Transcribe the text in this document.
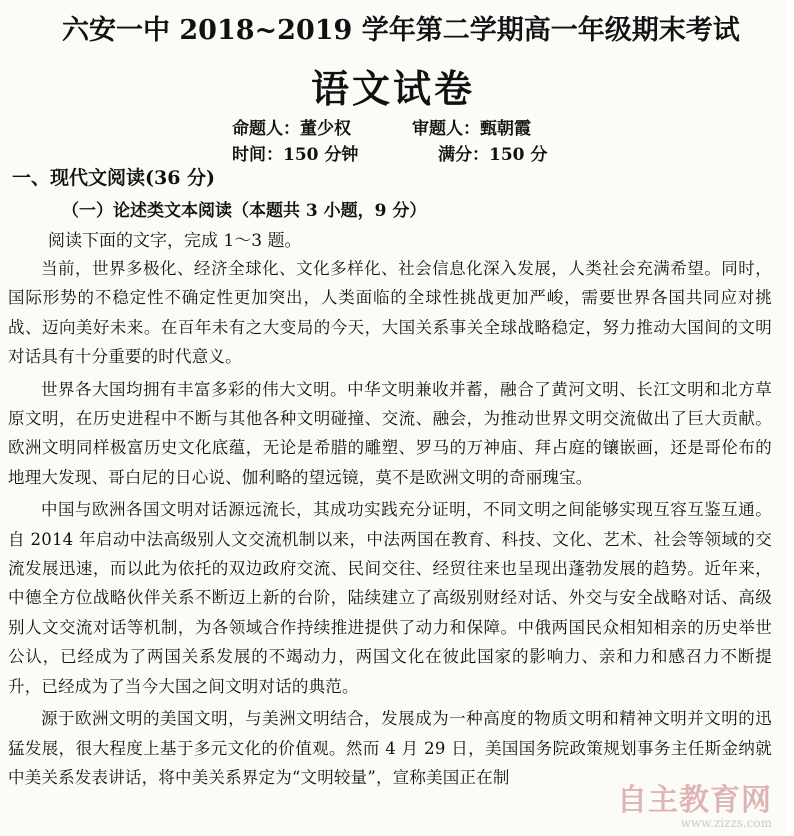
六安一中 2018~2019 学年第二学期高一年级期末考试
语文试卷
命题人：董少权	审题人：甄朝霞
时间：150 分钟	满分：150 分
一、现代文阅读(36 分)
（一）论述类文本阅读（本题共 3 小题，9 分）
阅读下面的文字，完成 1～3 题。

当前，世界多极化、经济全球化、文化多样化、社会信息化深入发展，人类社会充满希望。同时，国际形势的不稳定性不确定性更加突出，人类面临的全球性挑战更加严峻，需要世界各国共同应对挑战、迈向美好未来。在百年未有之大变局的今天，大国关系事关全球战略稳定，努力推动大国间的文明对话具有十分重要的时代意义。

世界各大国均拥有丰富多彩的伟大文明。中华文明兼收并蓄，融合了黄河文明、长江文明和北方草原文明，在历史进程中不断与其他各种文明碰撞、交流、融会，为推动世界文明交流做出了巨大贡献。欧洲文明同样极富历史文化底蕴，无论是希腊的雕塑、罗马的万神庙、拜占庭的镶嵌画，还是哥伦布的地理大发现、哥白尼的日心说、伽利略的望远镜，莫不是欧洲文明的奇丽瑰宝。

中国与欧洲各国文明对话源远流长，其成功实践充分证明，不同文明之间能够实现互容互鉴互通。自 2014 年启动中法高级别人文交流机制以来，中法两国在教育、科技、文化、艺术、社会等领域的交流发展迅速，而以此为依托的双边政府交流、民间交往、经贸往来也呈现出蓬勃发展的趋势。近年来，中德全方位战略伙伴关系不断迈上新的台阶，陆续建立了高级别财经对话、外交与安全战略对话、高级别人文交流对话等机制，为各领域合作持续推进提供了动力和保障。中俄两国民众相知相亲的历史举世公认，已经成为了两国关系发展的不竭动力，两国文化在彼此国家的影响力、亲和力和感召力不断提升，已经成为了当今大国之间文明对话的典范。

源于欧洲文明的美国文明，与美洲文明结合，发展成为一种高度的物质文明和精神文明并文明的迅猛发展，很大程度上基于多元文化的价值观。然而 4 月 29 日，美国国务院政策规划事务主任斯金纳就中美关系发表讲话，将中美关系界定为“文明较量”，宣称美国正在制

自主教育网
www.zizzs.com
